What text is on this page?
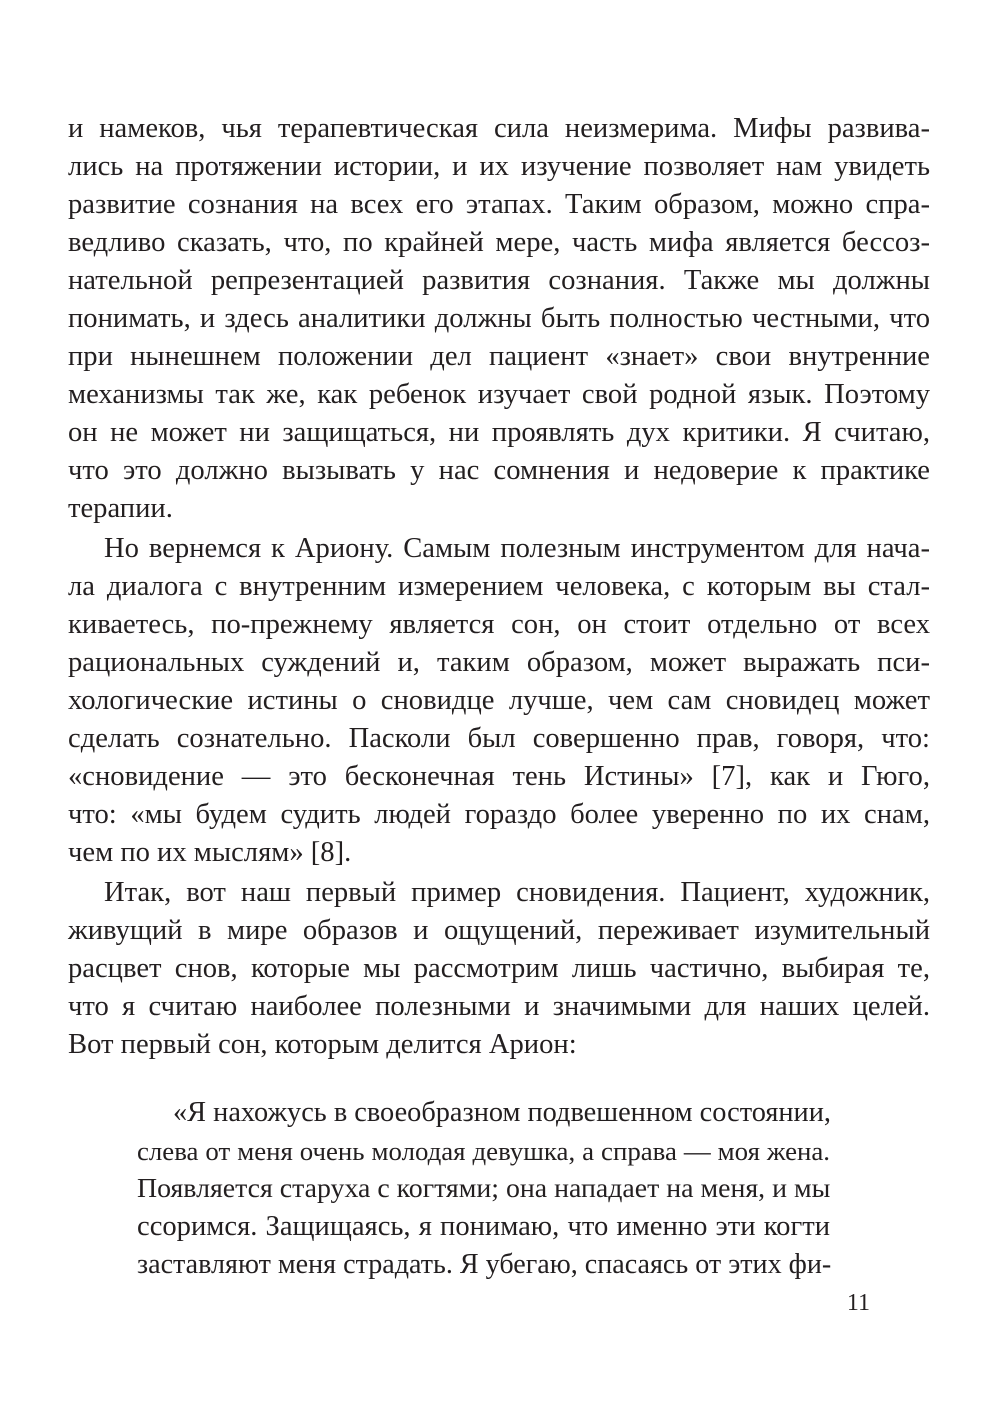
и намеков, чья терапевтическая сила неизмерима. Мифы развива-
лись на протяжении истории, и их изучение позволяет нам увидеть
развитие сознания на всех его этапах. Таким образом, можно спра-
ведливо сказать, что, по крайней мере, часть мифа является бессоз-
нательной репрезентацией развития сознания. Также мы должны
понимать, и здесь аналитики должны быть полностью честными, что
при нынешнем положении дел пациент «знает» свои внутренние
механизмы так же, как ребенок изучает свой родной язык. Поэтому
он не может ни защищаться, ни проявлять дух критики. Я считаю,
что это должно вызывать у нас сомнения и недоверие к практике
терапии.
Но вернемся к Ариону. Самым полезным инструментом для нача-
ла диалога с внутренним измерением человека, с которым вы стал-
киваетесь, по-прежнему является сон, он стоит отдельно от всех
рациональных суждений и, таким образом, может выражать пси-
хологические истины о сновидце лучше, чем сам сновидец может
сделать сознательно. Пасколи был совершенно прав, говоря, что:
«сновидение — это бесконечная тень Истины» [7], как и Гюго,
что: «мы будем судить людей гораздо более уверенно по их снам,
чем по их мыслям» [8].
Итак, вот наш первый пример сновидения. Пациент, художник,
живущий в мире образов и ощущений, переживает изумительный
расцвет снов, которые мы рассмотрим лишь частично, выбирая те,
что я считаю наиболее полезными и значимыми для наших целей.
Вот первый сон, которым делится Арион:
«Я нахожусь в своеобразном подвешенном состоянии,
слева от меня очень молодая девушка, а справа — моя жена.
Появляется старуха с когтями; она нападает на меня, и мы
ссоримся. Защищаясь, я понимаю, что именно эти когти
заставляют меня страдать. Я убегаю, спасаясь от этих фи-
11
